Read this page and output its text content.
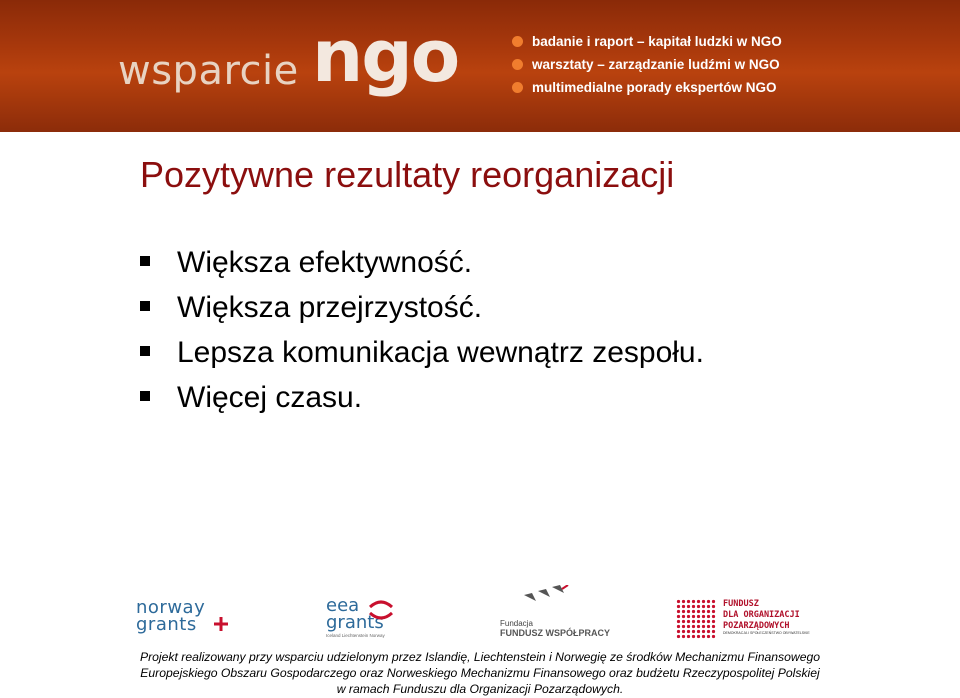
wsparcie ngo	badanie i raport – kapitał ludzki w NGO
warsztaty – zarządzanie ludźmi w NGO
multimedialne porady ekspertów NGO
Pozytywne rezultaty reorganizacji
Większa efektywność.
Większa przejrzystość.
Lepsza komunikacja wewnątrz zespołu.
Więcej czasu.
norway
grants
eea
grants
Iceland Liechtenstein Norway
Fundacja
FUNDUSZ WSPÓŁPRACY
FUNDUSZ
DLA ORGANIZACJI
POZARZĄDOWYCH
DEMOKRACJA I SPOŁECZEŃSTWO OBYWATELSKIE
Projekt realizowany przy wsparciu udzielonym przez Islandię, Liechtenstein i Norwegię ze środków Mechanizmu Finansowego
Europejskiego Obszaru Gospodarczego oraz Norweskiego Mechanizmu Finansowego oraz budżetu Rzeczypospolitej Polskiej
w ramach Funduszu dla Organizacji Pozarządowych.
